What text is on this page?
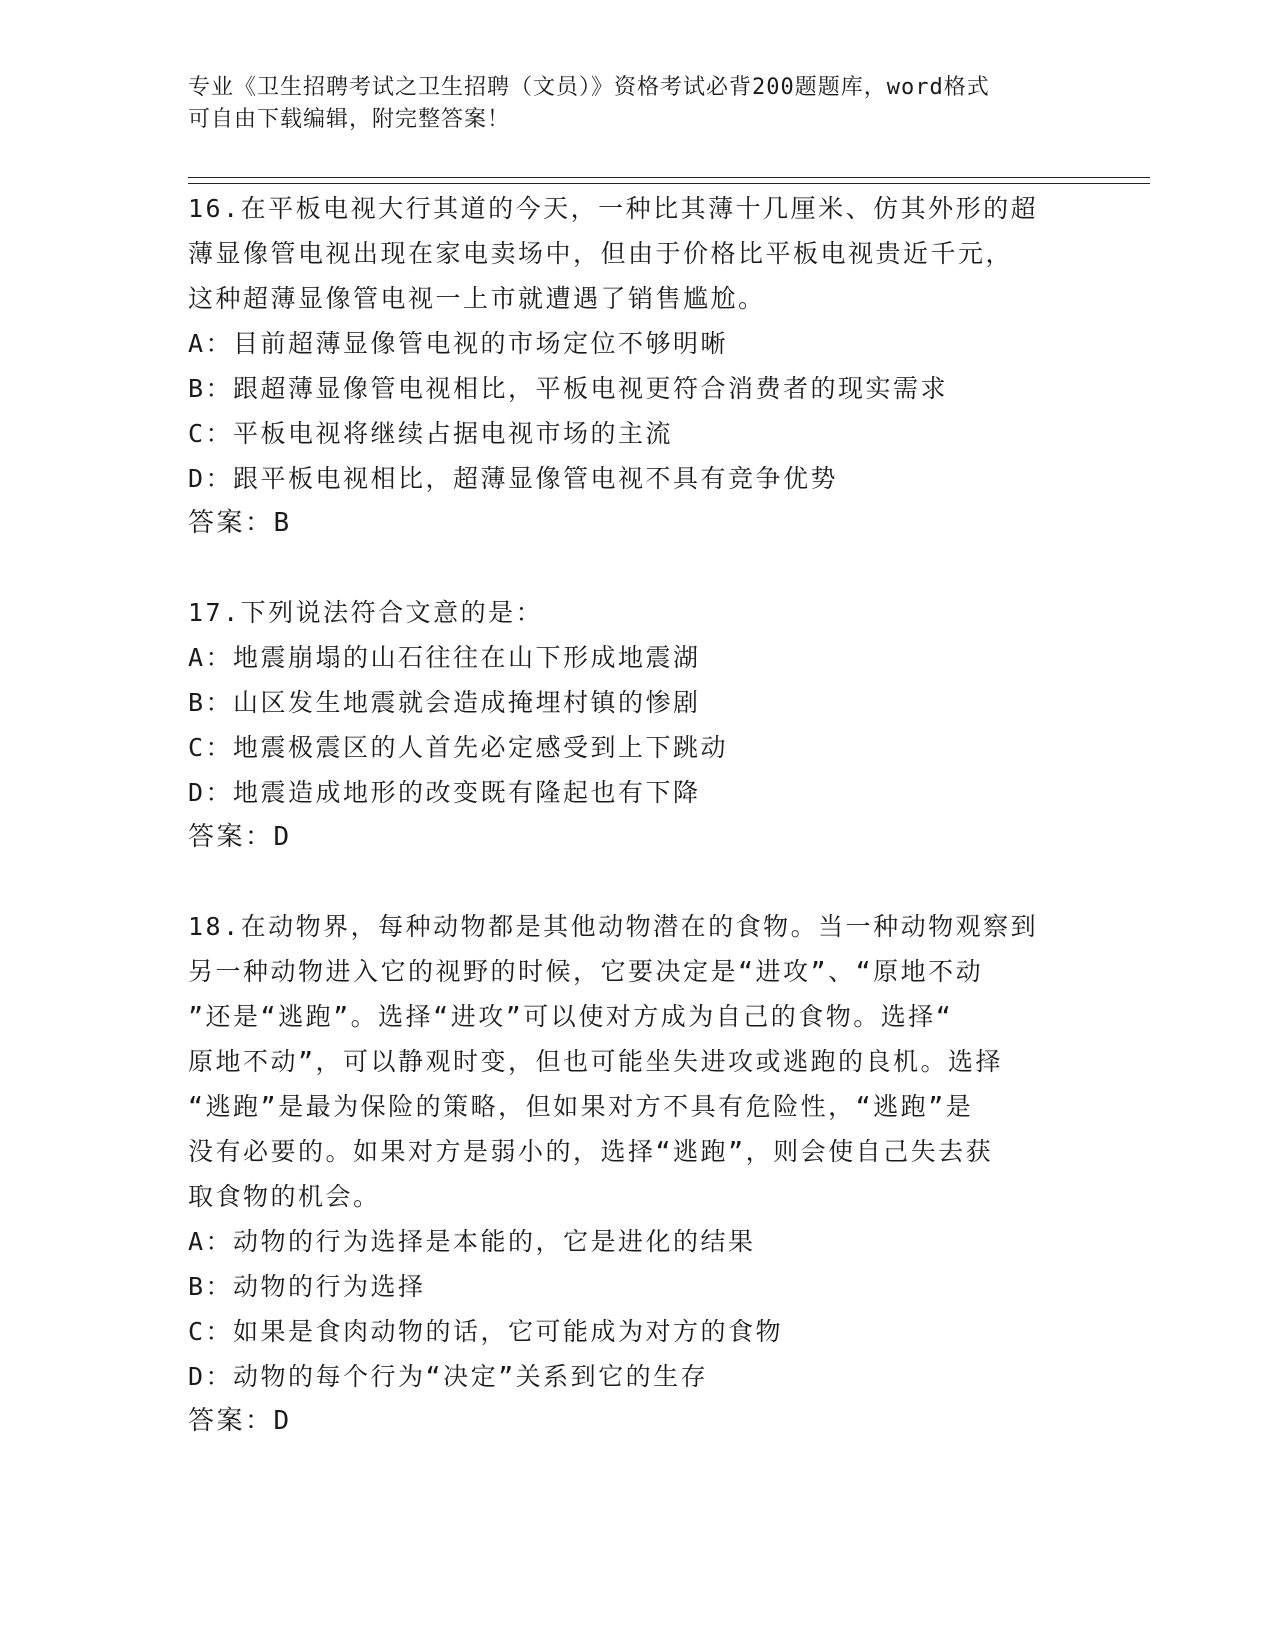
专业《卫生招聘考试之卫生招聘（文员）》资格考试必背200题题库，word格式

可自由下载编辑，附完整答案！

16.在平板电视大行其道的今天，一种比其薄十几厘米、仿其外形的超

薄显像管电视出现在家电卖场中，但由于价格比平板电视贵近千元，

这种超薄显像管电视一上市就遭遇了销售尴尬。

A：目前超薄显像管电视的市场定位不够明晰

B：跟超薄显像管电视相比，平板电视更符合消费者的现实需求

C：平板电视将继续占据电视市场的主流

D：跟平板电视相比，超薄显像管电视不具有竞争优势

答案：B

17.下列说法符合文意的是：

A：地震崩塌的山石往往在山下形成地震湖

B：山区发生地震就会造成掩埋村镇的惨剧

C：地震极震区的人首先必定感受到上下跳动

D：地震造成地形的改变既有隆起也有下降

答案：D

18.在动物界，每种动物都是其他动物潜在的食物。当一种动物观察到

另一种动物进入它的视野的时候，它要决定是“进攻”、“原地不动

”还是“逃跑”。选择“进攻”可以使对方成为自己的食物。选择“

原地不动”，可以静观时变，但也可能坐失进攻或逃跑的良机。选择

“逃跑”是最为保险的策略，但如果对方不具有危险性，“逃跑”是

没有必要的。如果对方是弱小的，选择“逃跑”，则会使自己失去获

取食物的机会。

A：动物的行为选择是本能的，它是进化的结果

B：动物的行为选择

C：如果是食肉动物的话，它可能成为对方的食物

D：动物的每个行为“决定”关系到它的生存

答案：D
